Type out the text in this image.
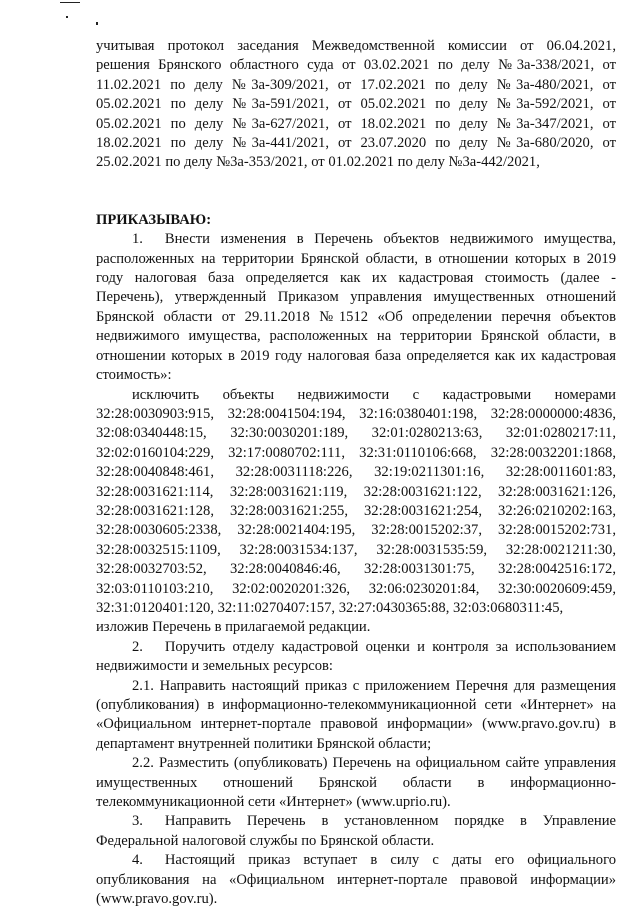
учитывая протокол заседания Межведомственной комиссии от 06.04.2021, решения Брянского областного суда от 03.02.2021 по делу №3а-338/2021, от 11.02.2021 по делу №3а-309/2021, от 17.02.2021 по делу №3а-480/2021, от 05.02.2021 по делу №3а-591/2021, от 05.02.2021 по делу №3а-592/2021, от 05.02.2021 по делу №3а-627/2021, от 18.02.2021 по делу №3а-347/2021, от 18.02.2021 по делу №3а-441/2021, от 23.07.2020 по делу №3а-680/2020, от 25.02.2021 по делу №3а-353/2021, от 01.02.2021 по делу №3а-442/2021,

ПРИКАЗЫВАЮ:

1.  Внести изменения в Перечень объектов недвижимого имущества, расположенных на территории Брянской области, в отношении которых в 2019 году налоговая база определяется как их кадастровая стоимость (далее - Перечень), утвержденный Приказом управления имущественных отношений Брянской области от 29.11.2018 №1512 «Об определении перечня объектов недвижимого имущества, расположенных на территории Брянской области, в отношении которых в 2019 году налоговая база определяется как их кадастровая стоимость»:

исключить объекты недвижимости с кадастровыми номерами 32:28:0030903:915, 32:28:0041504:194, 32:16:0380401:198, 32:28:0000000:4836, 32:08:0340448:15, 32:30:0030201:189, 32:01:0280213:63, 32:01:0280217:11, 32:02:0160104:229, 32:17:0080702:111, 32:31:0110106:668, 32:28:0032201:1868, 32:28:0040848:461, 32:28:0031118:226, 32:19:0211301:16, 32:28:0011601:83, 32:28:0031621:114, 32:28:0031621:119, 32:28:0031621:122, 32:28:0031621:126, 32:28:0031621:128, 32:28:0031621:255, 32:28:0031621:254, 32:26:0210202:163, 32:28:0030605:2338, 32:28:0021404:195, 32:28:0015202:37, 32:28:0015202:731, 32:28:0032515:1109, 32:28:0031534:137, 32:28:0031535:59, 32:28:0021211:30, 32:28:0032703:52, 32:28:0040846:46, 32:28:0031301:75, 32:28:0042516:172, 32:03:0110103:210, 32:02:0020201:326, 32:06:0230201:84, 32:30:0020609:459, 32:31:0120401:120, 32:11:0270407:157, 32:27:0430365:88, 32:03:0680311:45,

изложив Перечень в прилагаемой редакции.

2.  Поручить отделу кадастровой оценки и контроля за использованием недвижимости и земельных ресурсов:

2.1. Направить настоящий приказ с приложением Перечня для размещения (опубликования) в информационно-телекоммуникационной сети «Интернет» на «Официальном интернет-портале правовой информации» (www.pravo.gov.ru) в департамент внутренней политики Брянской области;

2.2. Разместить (опубликовать) Перечень на официальном сайте управления имущественных отношений Брянской области в информационно-телекоммуникационной сети «Интернет» (www.uprio.ru).

3.  Направить Перечень в установленном порядке в Управление Федеральной налоговой службы по Брянской области.

4.  Настоящий приказ вступает в силу с даты его официального опубликования на «Официальном интернет-портале правовой информации» (www.pravo.gov.ru).
